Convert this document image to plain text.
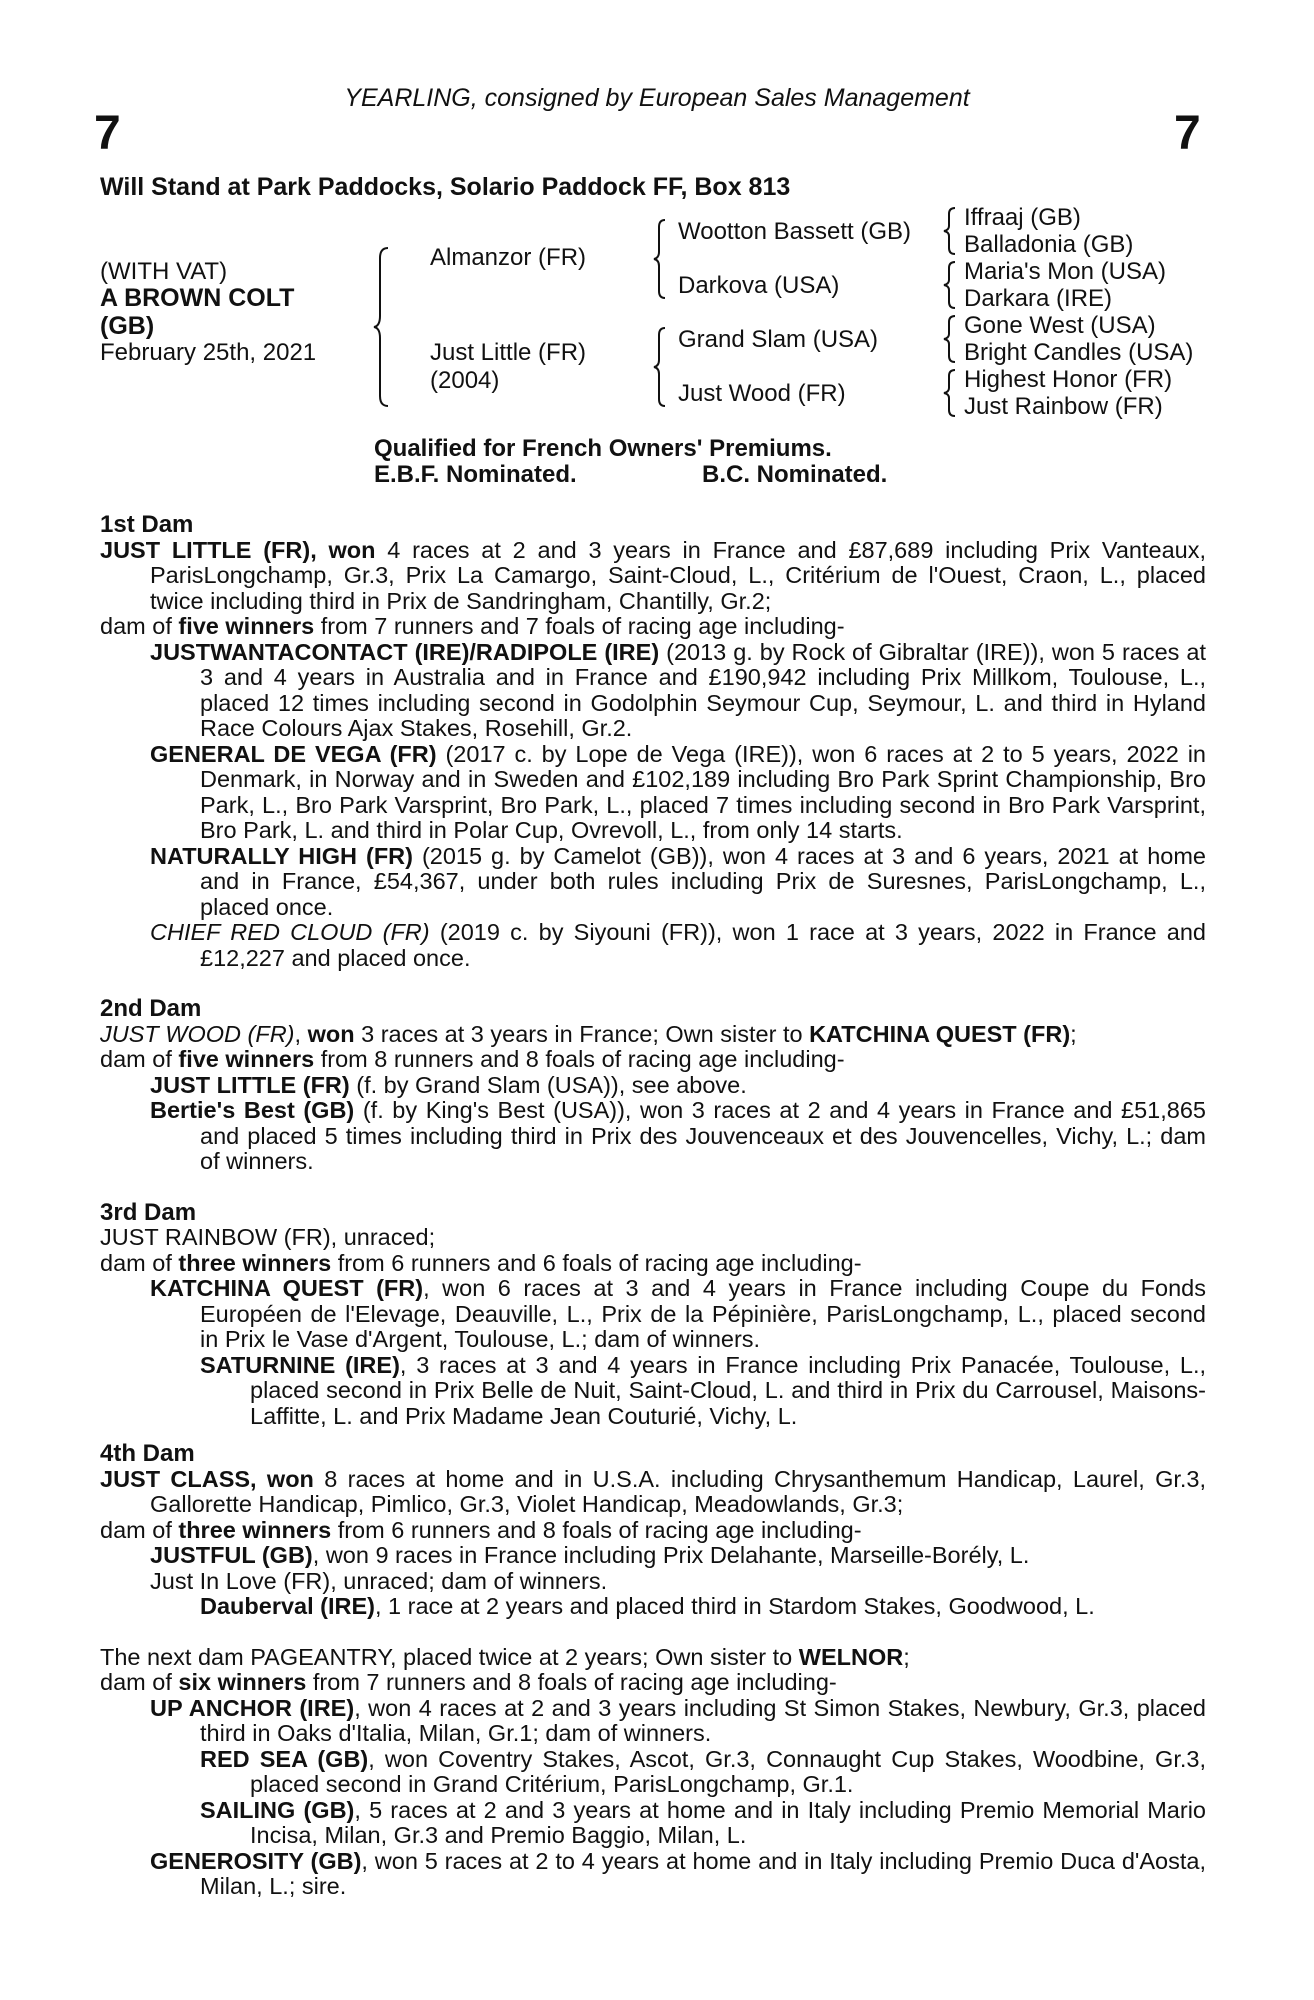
7	7
YEARLING, consigned by European Sales Management
Will Stand at Park Paddocks, Solario Paddock FF, Box 813
(WITH VAT)
A BROWN COLT
(GB)
February 25th, 2021
Almanzor (FR)
Just Little (FR)
(2004)
Wootton Bassett (GB)
Darkova (USA)
Grand Slam (USA)
Just Wood (FR)
Iffraaj (GB)
Balladonia (GB)
Maria's Mon (USA)
Darkara (IRE)
Gone West (USA)
Bright Candles (USA)
Highest Honor (FR)
Just Rainbow (FR)
Qualified for French Owners' Premiums.
E.B.F. Nominated.	B.C. Nominated.
1st Dam
JUST LITTLE (FR), won 4 races at 2 and 3 years in France and £87,689 including Prix Vanteaux, ParisLongchamp, Gr.3, Prix La Camargo, Saint-Cloud, L., Critérium de l'Ouest, Craon, L., placed twice including third in Prix de Sandringham, Chantilly, Gr.2;
dam of five winners from 7 runners and 7 foals of racing age including-
JUSTWANTACONTACT (IRE)/RADIPOLE (IRE) (2013 g. by Rock of Gibraltar (IRE)), won 5 races at 3 and 4 years in Australia and in France and £190,942 including Prix Millkom, Toulouse, L., placed 12 times including second in Godolphin Seymour Cup, Seymour, L. and third in Hyland Race Colours Ajax Stakes, Rosehill, Gr.2.
GENERAL DE VEGA (FR) (2017 c. by Lope de Vega (IRE)), won 6 races at 2 to 5 years, 2022 in Denmark, in Norway and in Sweden and £102,189 including Bro Park Sprint Championship, Bro Park, L., Bro Park Varsprint, Bro Park, L., placed 7 times including second in Bro Park Varsprint, Bro Park, L. and third in Polar Cup, Ovrevoll, L., from only 14 starts.
NATURALLY HIGH (FR) (2015 g. by Camelot (GB)), won 4 races at 3 and 6 years, 2021 at home and in France, £54,367, under both rules including Prix de Suresnes, ParisLongchamp, L., placed once.
CHIEF RED CLOUD (FR) (2019 c. by Siyouni (FR)), won 1 race at 3 years, 2022 in France and £12,227 and placed once.
2nd Dam
JUST WOOD (FR), won 3 races at 3 years in France; Own sister to KATCHINA QUEST (FR);
dam of five winners from 8 runners and 8 foals of racing age including-
JUST LITTLE (FR) (f. by Grand Slam (USA)), see above.
Bertie's Best (GB) (f. by King's Best (USA)), won 3 races at 2 and 4 years in France and £51,865 and placed 5 times including third in Prix des Jouvenceaux et des Jouvencelles, Vichy, L.; dam of winners.
3rd Dam
JUST RAINBOW (FR), unraced;
dam of three winners from 6 runners and 6 foals of racing age including-
KATCHINA QUEST (FR), won 6 races at 3 and 4 years in France including Coupe du Fonds Européen de l'Elevage, Deauville, L., Prix de la Pépinière, ParisLongchamp, L., placed second in Prix le Vase d'Argent, Toulouse, L.; dam of winners.
SATURNINE (IRE), 3 races at 3 and 4 years in France including Prix Panacée, Toulouse, L., placed second in Prix Belle de Nuit, Saint-Cloud, L. and third in Prix du Carrousel, Maisons-Laffitte, L. and Prix Madame Jean Couturié, Vichy, L.
4th Dam
JUST CLASS, won 8 races at home and in U.S.A. including Chrysanthemum Handicap, Laurel, Gr.3, Gallorette Handicap, Pimlico, Gr.3, Violet Handicap, Meadowlands, Gr.3;
dam of three winners from 6 runners and 8 foals of racing age including-
JUSTFUL (GB), won 9 races in France including Prix Delahante, Marseille-Borély, L.
Just In Love (FR), unraced; dam of winners.
Dauberval (IRE), 1 race at 2 years and placed third in Stardom Stakes, Goodwood, L.
The next dam PAGEANTRY, placed twice at 2 years; Own sister to WELNOR;
dam of six winners from 7 runners and 8 foals of racing age including-
UP ANCHOR (IRE), won 4 races at 2 and 3 years including St Simon Stakes, Newbury, Gr.3, placed third in Oaks d'Italia, Milan, Gr.1; dam of winners.
RED SEA (GB), won Coventry Stakes, Ascot, Gr.3, Connaught Cup Stakes, Woodbine, Gr.3, placed second in Grand Critérium, ParisLongchamp, Gr.1.
SAILING (GB), 5 races at 2 and 3 years at home and in Italy including Premio Memorial Mario Incisa, Milan, Gr.3 and Premio Baggio, Milan, L.
GENEROSITY (GB), won 5 races at 2 to 4 years at home and in Italy including Premio Duca d'Aosta, Milan, L.; sire.
